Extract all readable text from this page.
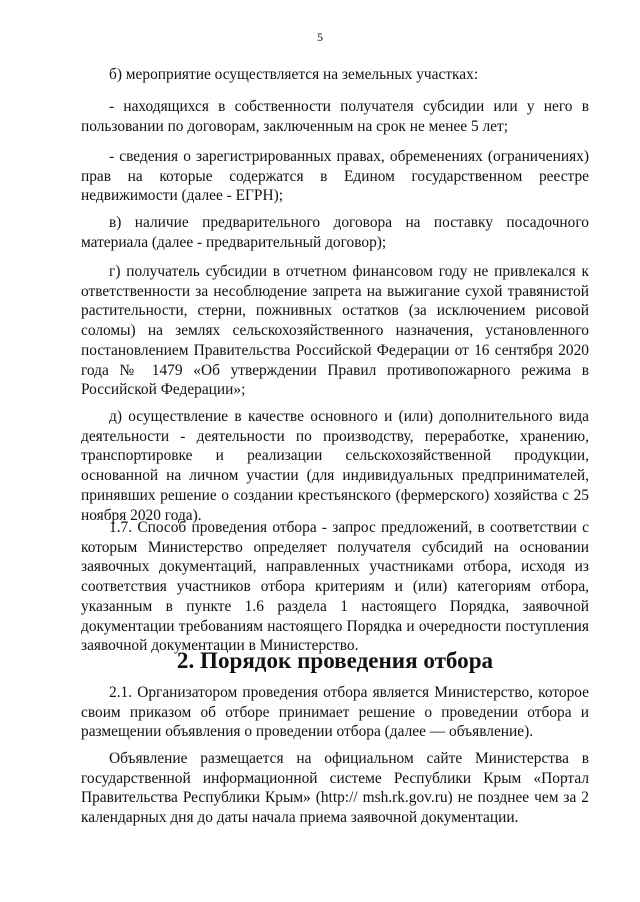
5

б) мероприятие осуществляется на земельных участках:

- находящихся в собственности получателя субсидии или у него в пользовании по договорам, заключенным на срок не менее 5 лет;

- сведения о зарегистрированных правах, обременениях (ограничениях) прав на которые содержатся в Едином государственном реестре недвижимости (далее - ЕГРН);

в) наличие предварительного договора на поставку посадочного материала (далее - предварительный договор);

г) получатель субсидии в отчетном финансовом году не привлекался к ответственности за несоблюдение запрета на выжигание сухой травянистой растительности, стерни, пожнивных остатков (за исключением рисовой соломы) на землях сельскохозяйственного назначения, установленного постановлением Правительства Российской Федерации от 16 сентября 2020 года № 1479 «Об утверждении Правил противопожарного режима в Российской Федерации»;

д) осуществление в качестве основного и (или) дополнительного вида деятельности - деятельности по производству, переработке, хранению, транспортировке и реализации сельскохозяйственной продукции, основанной на личном участии (для индивидуальных предпринимателей, принявших решение о создании крестьянского (фермерского) хозяйства с 25 ноября 2020 года).

1.7. Способ проведения отбора - запрос предложений, в соответствии с которым Министерство определяет получателя субсидий на основании заявочных документаций, направленных участниками отбора, исходя из соответствия участников отбора критериям и (или) категориям отбора, указанным в пункте 1.6 раздела 1 настоящего Порядка, заявочной документации требованиям настоящего Порядка и очередности поступления заявочной документации в Министерство.

2. Порядок проведения отбора

2.1. Организатором проведения отбора является Министерство, которое своим приказом об отборе принимает решение о проведении отбора и размещении объявления о проведении отбора (далее — объявление).

Объявление размещается на официальном сайте Министерства в государственной информационной системе Республики Крым «Портал Правительства Республики Крым» (http:// msh.rk.gov.ru) не позднее чем за 2 календарных дня до даты начала приема заявочной документации.
